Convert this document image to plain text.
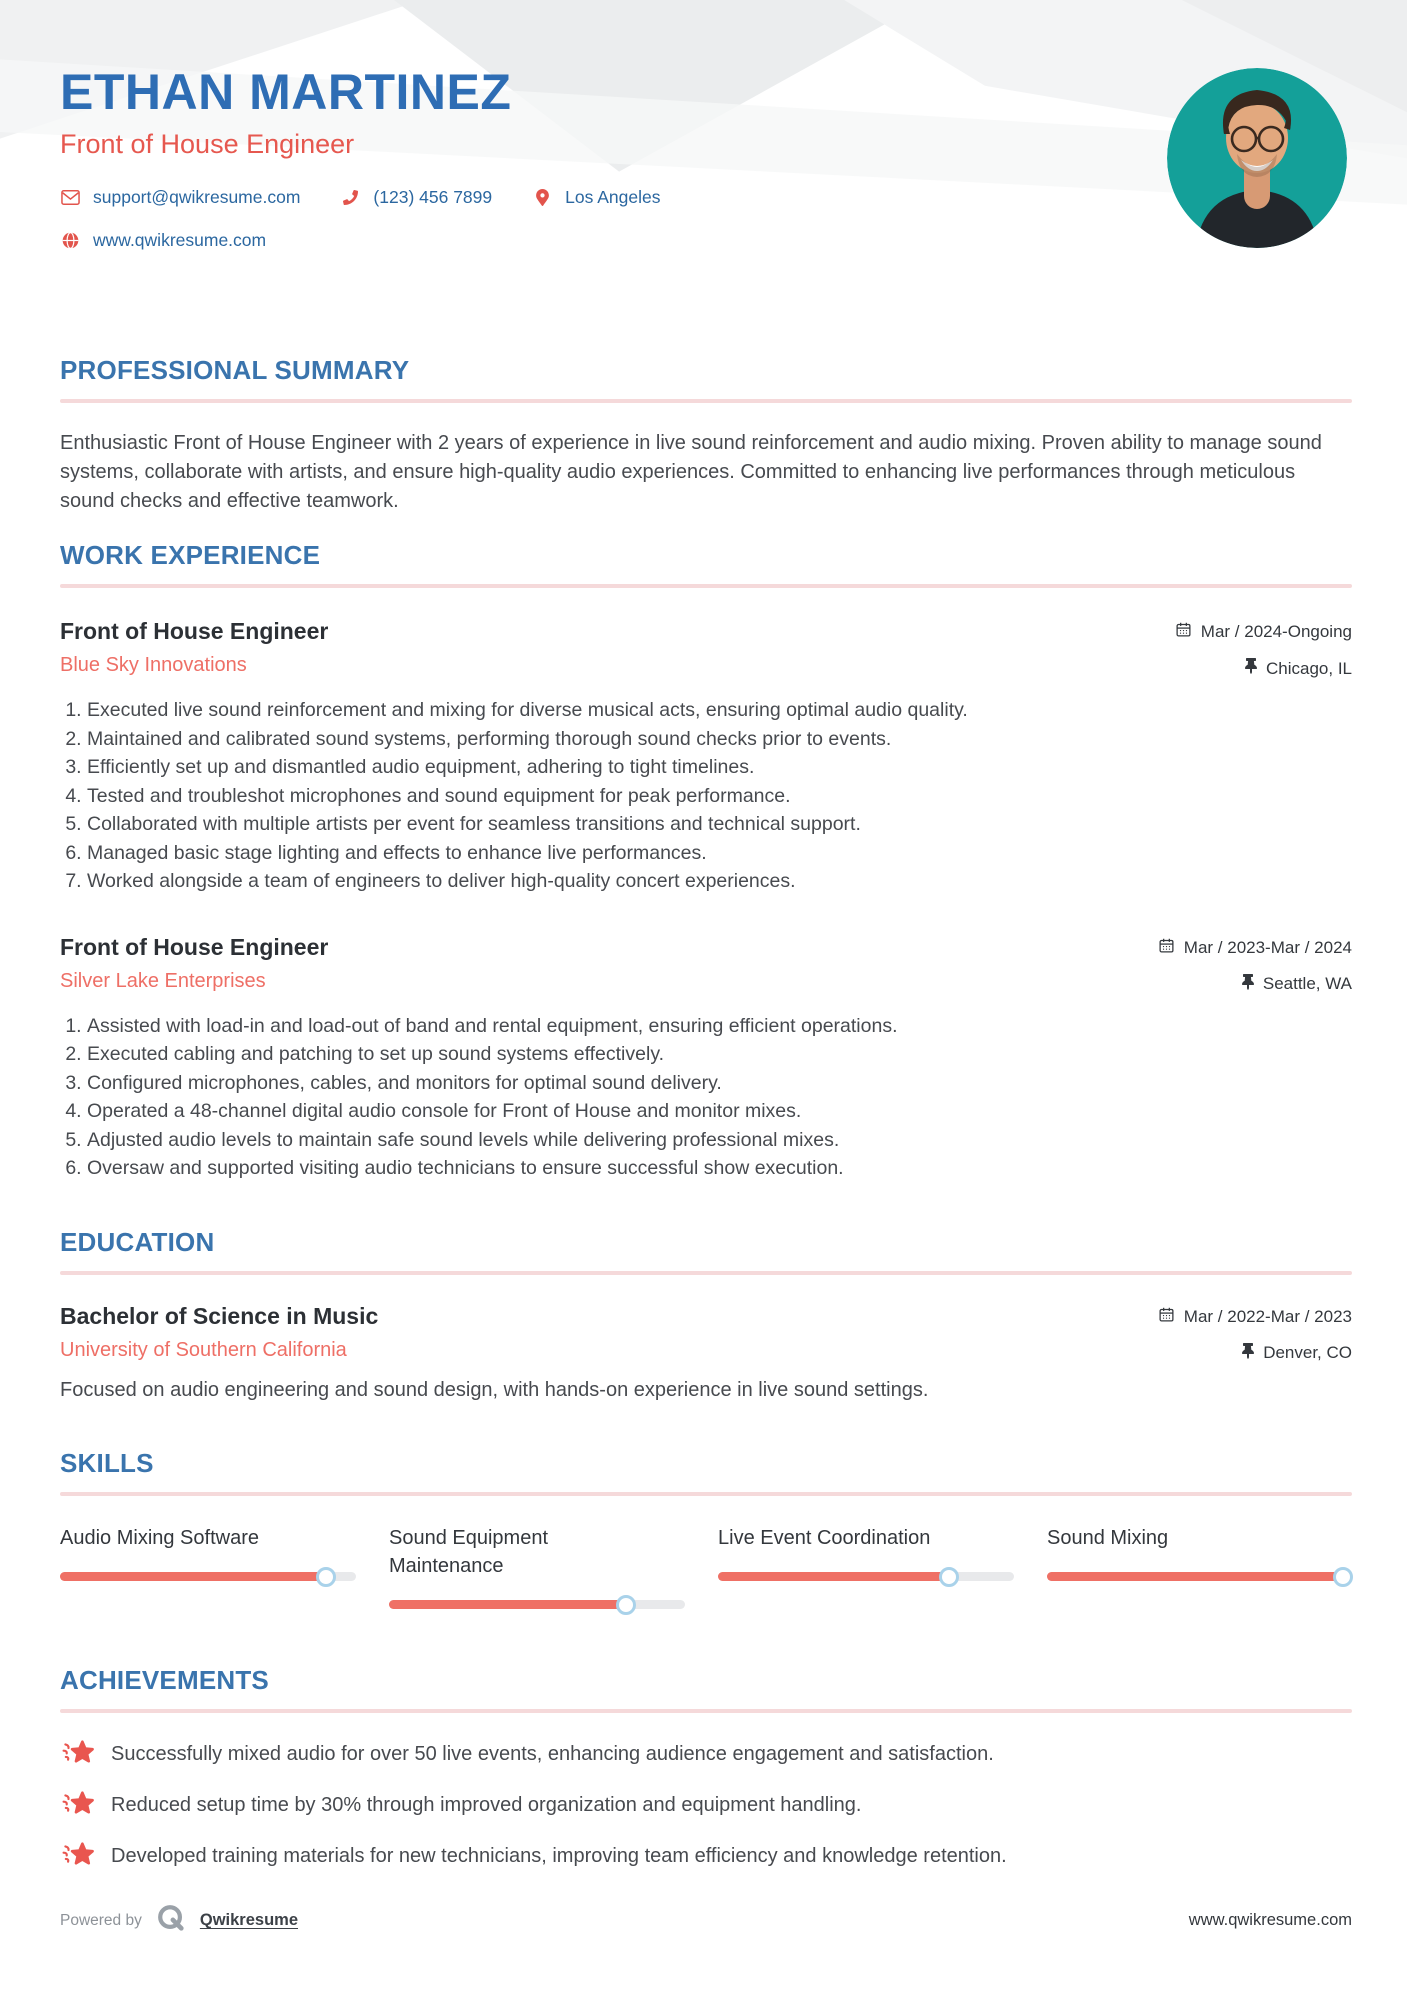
ETHAN MARTINEZ
Front of House Engineer
support@qwikresume.com	(123) 456 7899	Los Angeles
www.qwikresume.com
PROFESSIONAL SUMMARY

Enthusiastic Front of House Engineer with 2 years of experience in live sound reinforcement and audio mixing. Proven ability to manage sound systems, collaborate with artists, and ensure high-quality audio experiences. Committed to enhancing live performances through meticulous sound checks and effective teamwork.

WORK EXPERIENCE
Front of House Engineer
Blue Sky Innovations
Mar / 2024-Ongoing
Chicago, IL
1. Executed live sound reinforcement and mixing for diverse musical acts, ensuring optimal audio quality.
2. Maintained and calibrated sound systems, performing thorough sound checks prior to events.
3. Efficiently set up and dismantled audio equipment, adhering to tight timelines.
4. Tested and troubleshot microphones and sound equipment for peak performance.
5. Collaborated with multiple artists per event for seamless transitions and technical support.
6. Managed basic stage lighting and effects to enhance live performances.
7. Worked alongside a team of engineers to deliver high-quality concert experiences.
Front of House Engineer
Silver Lake Enterprises
Mar / 2023-Mar / 2024
Seattle, WA
1. Assisted with load-in and load-out of band and rental equipment, ensuring efficient operations.
2. Executed cabling and patching to set up sound systems effectively.
3. Configured microphones, cables, and monitors for optimal sound delivery.
4. Operated a 48-channel digital audio console for Front of House and monitor mixes.
5. Adjusted audio levels to maintain safe sound levels while delivering professional mixes.
6. Oversaw and supported visiting audio technicians to ensure successful show execution.
EDUCATION
Bachelor of Science in Music
University of Southern California
Mar / 2022-Mar / 2023
Denver, CO

Focused on audio engineering and sound design, with hands-on experience in live sound settings.

SKILLS
Audio Mixing Software	Sound Equipment Maintenance
Live Event Coordination	Sound Mixing
ACHIEVEMENTS
Successfully mixed audio for over 50 live events, enhancing audience engagement and satisfaction.
Reduced setup time by 30% through improved organization and equipment handling.
Developed training materials for new technicians, improving team efficiency and knowledge retention.
Powered by	Qwikresume	www.qwikresume.com
